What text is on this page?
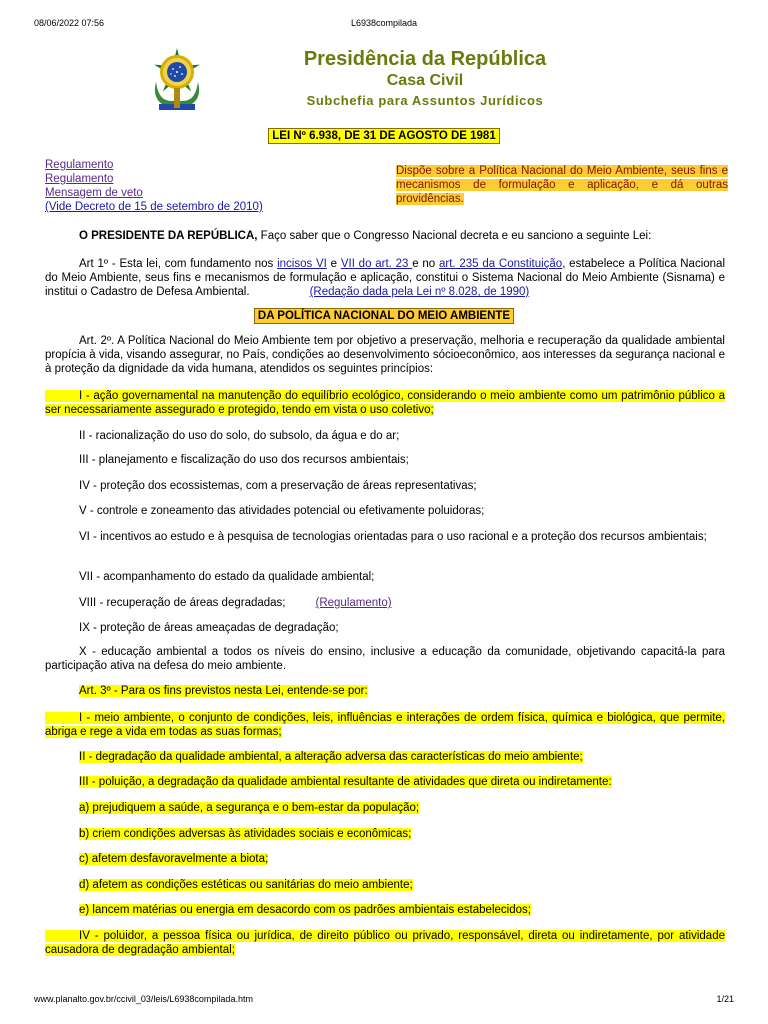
08/06/2022 07:56	L6938compilada
Presidência da República
Casa Civil
Subchefia para Assuntos Jurídicos
LEI Nº 6.938, DE 31 DE AGOSTO DE 1981
Regulamento
Regulamento
Mensagem de veto
(Vide Decreto de 15 de setembro de 2010)
Dispõe sobre a Política Nacional do Meio Ambiente, seus fins e mecanismos de formulação e aplicação, e dá outras providências.
O PRESIDENTE DA REPÚBLICA, Faço saber que o Congresso Nacional decreta e eu sanciono a seguinte Lei:
Art 1º - Esta lei, com fundamento nos incisos VI e VII do art. 23 e no art. 235 da Constituição, estabelece a Política Nacional do Meio Ambiente, seus fins e mecanismos de formulação e aplicação, constitui o Sistema Nacional do Meio Ambiente (Sisnama) e institui o Cadastro de Defesa Ambiental.	(Redação dada pela Lei nº 8.028, de 1990)
DA POLÍTICA NACIONAL DO MEIO AMBIENTE
Art. 2º. A Política Nacional do Meio Ambiente tem por objetivo a preservação, melhoria e recuperação da qualidade ambiental propícia à vida, visando assegurar, no País, condições ao desenvolvimento sócioeconômico, aos interesses da segurança nacional e à proteção da dignidade da vida humana, atendidos os seguintes princípios:
I - ação governamental na manutenção do equilíbrio ecológico, considerando o meio ambiente como um patrimônio público a ser necessariamente assegurado e protegido, tendo em vista o uso coletivo;
II - racionalização do uso do solo, do subsolo, da água e do ar;
III - planejamento e fiscalização do uso dos recursos ambientais;
IV - proteção dos ecossistemas, com a preservação de áreas representativas;
V - controle e zoneamento das atividades potencial ou efetivamente poluidoras;
VI - incentivos ao estudo e à pesquisa de tecnologias orientadas para o uso racional e a proteção dos recursos ambientais;
VII - acompanhamento do estado da qualidade ambiental;
VIII - recuperação de áreas degradadas;	(Regulamento)
IX - proteção de áreas ameaçadas de degradação;
X - educação ambiental a todos os níveis do ensino, inclusive a educação da comunidade, objetivando capacitá-la para participação ativa na defesa do meio ambiente.
Art. 3º - Para os fins previstos nesta Lei, entende-se por:
I - meio ambiente, o conjunto de condições, leis, influências e interações de ordem física, química e biológica, que permite, abriga e rege a vida em todas as suas formas;
II - degradação da qualidade ambiental, a alteração adversa das características do meio ambiente;
III - poluição, a degradação da qualidade ambiental resultante de atividades que direta ou indiretamente:
a) prejudiquem a saúde, a segurança e o bem-estar da população;
b) criem condições adversas às atividades sociais e econômicas;
c) afetem desfavoravelmente a biota;
d) afetem as condições estéticas ou sanitárias do meio ambiente;
e) lancem matérias ou energia em desacordo com os padrões ambientais estabelecidos;
IV - poluidor, a pessoa física ou jurídica, de direito público ou privado, responsável, direta ou indiretamente, por atividade causadora de degradação ambiental;
www.planalto.gov.br/ccivil_03/leis/L6938compilada.htm	1/21
